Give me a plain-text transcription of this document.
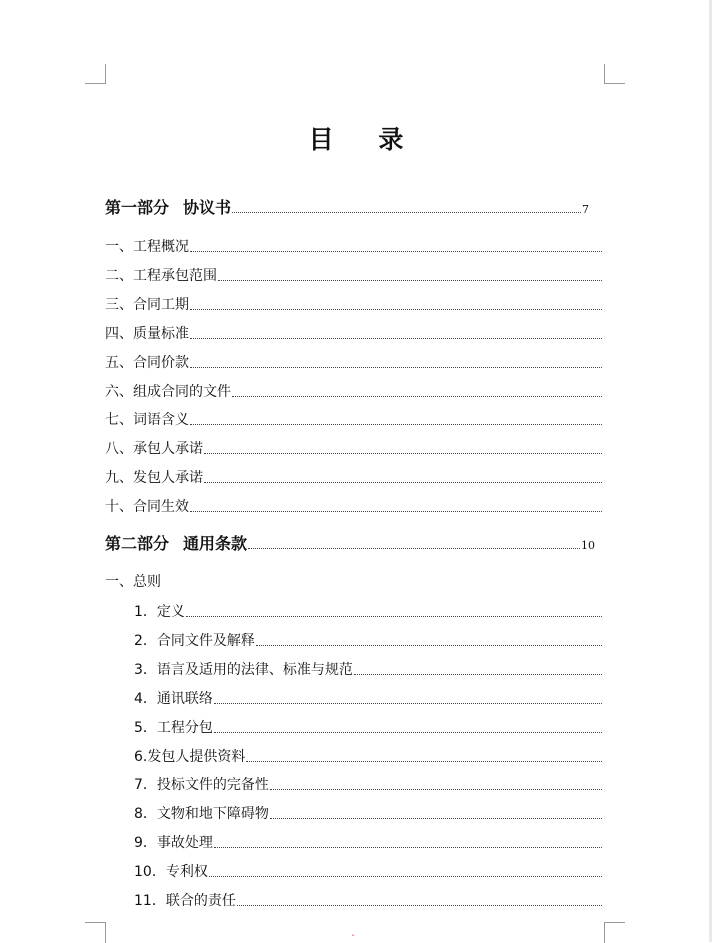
目 录
第一部分 协议书	7
一、工程概况
二、工程承包范围
三、合同工期
四、质量标准
五、合同价款
六、组成合同的文件
七、词语含义
八、承包人承诺
九、发包人承诺
十、合同生效
第二部分 通用条款	10
一、总则
1．定义
2．合同文件及解释
3．语言及适用的法律、标准与规范
4．通讯联络
5．工程分包
6.发包人提供资料
7．投标文件的完备性
8．文物和地下障碍物
9．事故处理
10．专利权
11．联合的责任
ˆ
